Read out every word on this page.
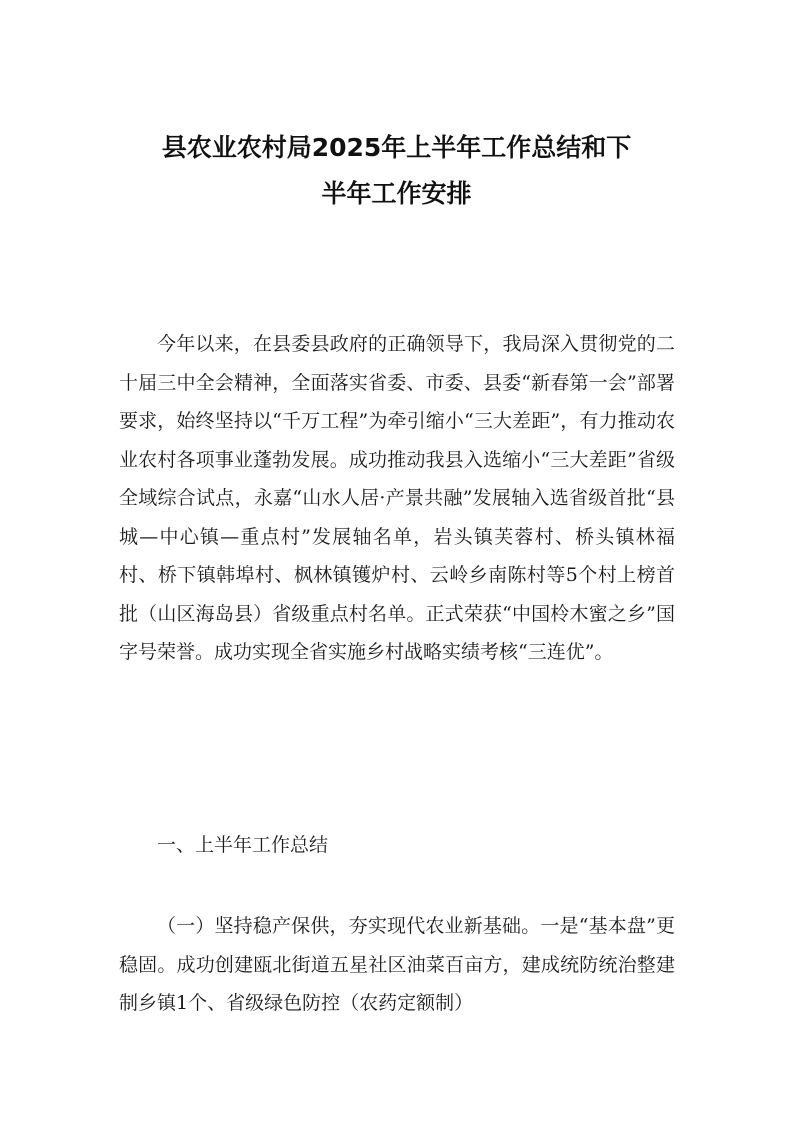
县农业农村局2025年上半年工作总结和下
半年工作安排

今年以来，在县委县政府的正确领导下，我局深入贯彻党的二十届三中全会精神，全面落实省委、市委、县委“新春第一会”部署要求，始终坚持以“千万工程”为牵引缩小“三大差距”，有力推动农业农村各项事业蓬勃发展。成功推动我县入选缩小“三大差距”省级全域综合试点，永嘉“山水人居·产景共融”发展轴入选省级首批“县城—中心镇—重点村”发展轴名单，岩头镇芙蓉村、桥头镇林福村、桥下镇韩埠村、枫林镇镬炉村、云岭乡南陈村等5个村上榜首批（山区海岛县）省级重点村名单。正式荣获“中国柃木蜜之乡”国字号荣誉。成功实现全省实施乡村战略实绩考核“三连优”。

一、上半年工作总结

（一）坚持稳产保供，夯实现代农业新基础。一是“基本盘”更稳固。成功创建瓯北街道五星社区油菜百亩方，建成统防统治整建制乡镇1个、省级绿色防控（农药定额制）
